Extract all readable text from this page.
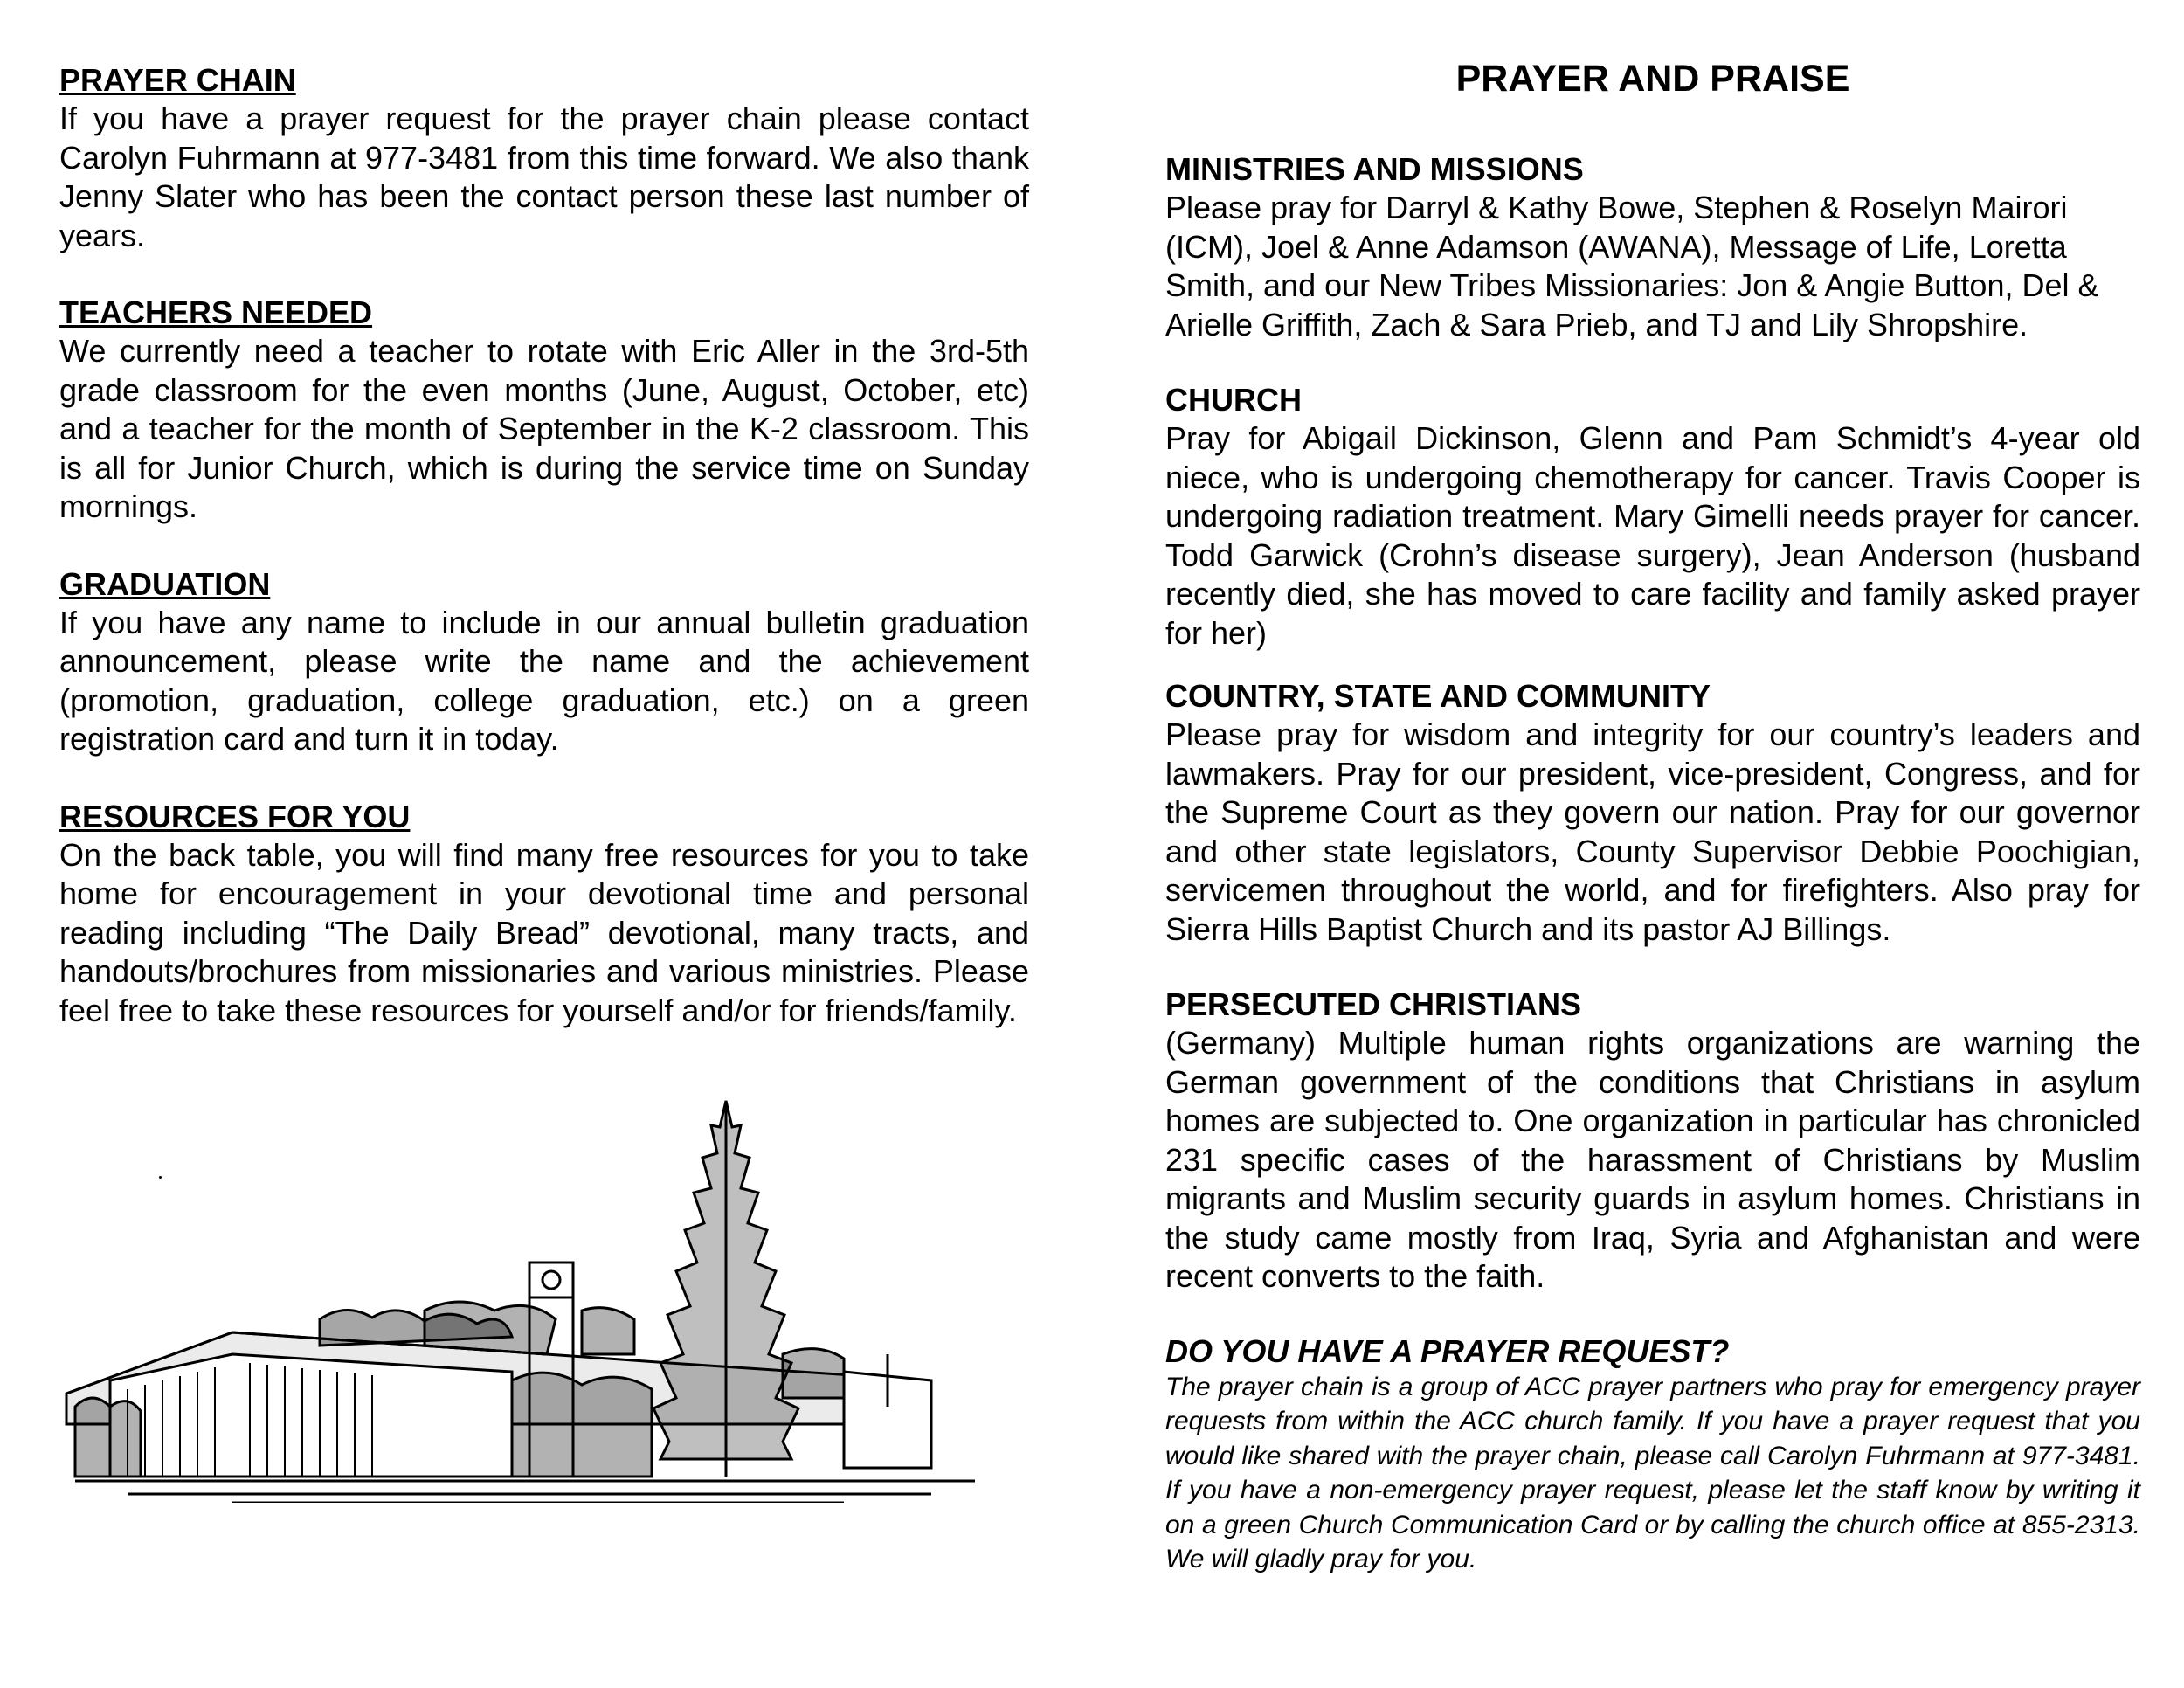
PRAYER CHAIN

If you have a prayer request for the prayer chain please contact Carolyn Fuhrmann at 977-3481 from this time forward. We also thank Jenny Slater who has been the contact person these last number of years.

TEACHERS NEEDED

We currently need a teacher to rotate with Eric Aller in the 3rd-5th grade classroom for the even months (June, August, October, etc) and a teacher for the month of September in the K-2 classroom. This is all for Junior Church, which is during the service time on Sunday mornings.

GRADUATION

If you have any name to include in our annual bulletin graduation announcement, please write the name and the achievement (promotion, graduation, college graduation, etc.) on a green registration card and turn it in today.

RESOURCES FOR YOU

On the back table, you will find many free resources for you to take home for encouragement in your devotional time and personal reading including “The Daily Bread” devotional, many tracts, and handouts/brochures from missionaries and various ministries. Please feel free to take these resources for yourself and/or for friends/family.

PRAYER AND PRAISE

MINISTRIES AND MISSIONS

Please pray for Darryl & Kathy Bowe, Stephen & Roselyn Mairori (ICM), Joel & Anne Adamson (AWANA), Message of Life, Loretta Smith, and our New Tribes Missionaries: Jon & Angie Button, Del & Arielle Griffith, Zach & Sara Prieb, and TJ and Lily Shropshire.

CHURCH

Pray for Abigail Dickinson, Glenn and Pam Schmidt’s 4-year old niece, who is undergoing chemotherapy for cancer. Travis Cooper is undergoing radiation treatment. Mary Gimelli needs prayer for cancer. Todd Garwick (Crohn’s disease surgery), Jean Anderson (husband recently died, she has moved to care facility and family asked prayer for her)

COUNTRY, STATE AND COMMUNITY

Please pray for wisdom and integrity for our country’s leaders and lawmakers. Pray for our president, vice-president, Congress, and for the Supreme Court as they govern our nation. Pray for our governor and other state legislators, County Supervisor Debbie Poochigian, servicemen throughout the world, and for firefighters. Also pray for Sierra Hills Baptist Church and its pastor AJ Billings.

PERSECUTED CHRISTIANS

(Germany) Multiple human rights organizations are warning the German government of the conditions that Christians in asylum homes are subjected to. One organization in particular has chronicled 231 specific cases of the harassment of Christians by Muslim migrants and Muslim security guards in asylum homes. Christians in the study came mostly from Iraq, Syria and Afghanistan and were recent converts to the faith.

DO YOU HAVE A PRAYER REQUEST?

The prayer chain is a group of ACC prayer partners who pray for emergency prayer requests from within the ACC church family. If you have a prayer request that you would like shared with the prayer chain, please call Carolyn Fuhrmann at 977-3481. If you have a non-emergency prayer request, please let the staff know by writing it on a green Church Communication Card or by calling the church office at 855-2313. We will gladly pray for you.
